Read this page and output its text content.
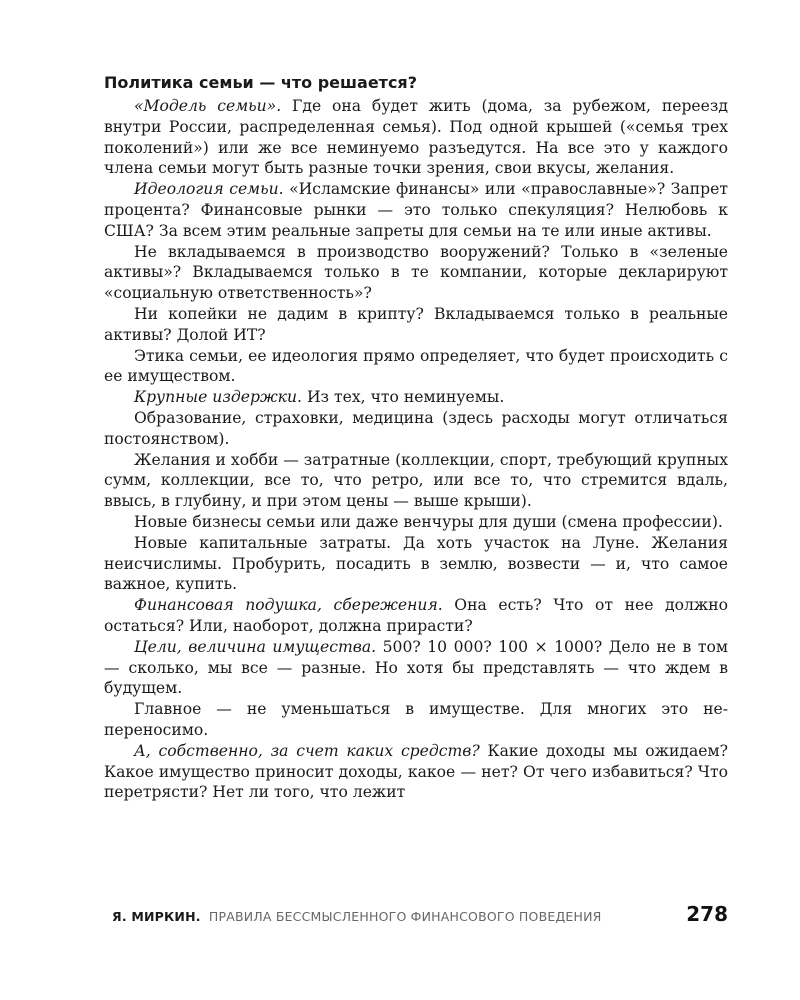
Политика семьи — что решается?

«Модель семьи». Где она будет жить (дома, за рубежом, переезд внутри России, распределенная семья). Под одной крышей («семья трех поколений») или же все неминуемо разъедутся. На все это у каждого члена семьи могут быть разные точки зрения, свои вкусы, желания.

Идеология семьи. «Исламские финансы» или «православные»? Запрет процента? Финансовые рынки — это только спекуляция? Нелюбовь к США? За всем этим реальные запреты для семьи на те или иные активы.

Не вкладываемся в производство вооружений? Только в «зеленые активы»? Вкладываемся только в те компании, которые декларируют «социальную ответственность»?

Ни копейки не дадим в крипту? Вкладываемся только в реальные активы? Долой ИТ?

Этика семьи, ее идеология прямо определяет, что будет происходить с ее имуществом.

Крупные издержки. Из тех, что неминуемы.

Образование, страховки, медицина (здесь расходы могут отличаться постоянством).

Желания и хобби — затратные (коллекции, спорт, требующий крупных сумм, коллекции, все то, что ретро, или все то, что стремится вдаль, ввысь, в глубину, и при этом цены — выше крыши).

Новые бизнесы семьи или даже венчуры для души (смена профессии).

Новые капитальные затраты. Да хоть участок на Луне. Желания неисчислимы. Пробурить, посадить в землю, возвести — и, что самое важное, купить.

Финансовая подушка, сбережения. Она есть? Что от нее должно остаться? Или, наоборот, должна прирасти?

Цели, величина имущества. 500? 10 000? 100 × 1000? Дело не в том — сколько, мы все — разные. Но хотя бы представлять — что ждем в будущем.

Главное — не уменьшаться в имуществе. Для многих это непереносимо.

А, собственно, за счет каких средств? Какие доходы мы ожидаем? Какое имущество приносит доходы, какое — нет? От чего избавиться? Что перетрясти? Нет ли того, что лежит

Я. МИРКИН. ПРАВИЛА БЕССМЫСЛЕННОГО ФИНАНСОВОГО ПОВЕДЕНИЯ	278
